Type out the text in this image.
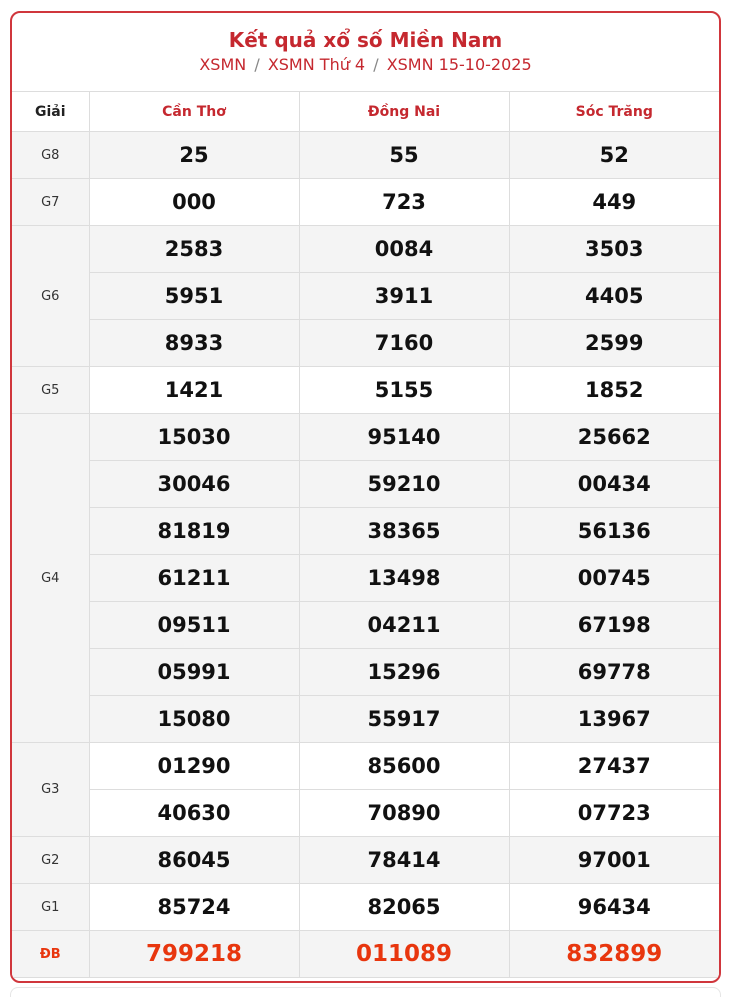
Kết quả xổ số Miền Nam
XSMN / XSMN Thứ 4 / XSMN 15-10-2025
Giải	Cần Thơ	Đồng Nai	Sóc Trăng
G8	25	55	52
G7	000	723	449
G6	2583	0084	3503
	5951	3911	4405
	8933	7160	2599
G5	1421	5155	1852
G4	15030	95140	25662
	30046	59210	00434
	81819	38365	56136
	61211	13498	00745
	09511	04211	67198
	05991	15296	69778
	15080	55917	13967
G3	01290	85600	27437
	40630	70890	07723
G2	86045	78414	97001
G1	85724	82065	96434
ĐB	799218	011089	832899
